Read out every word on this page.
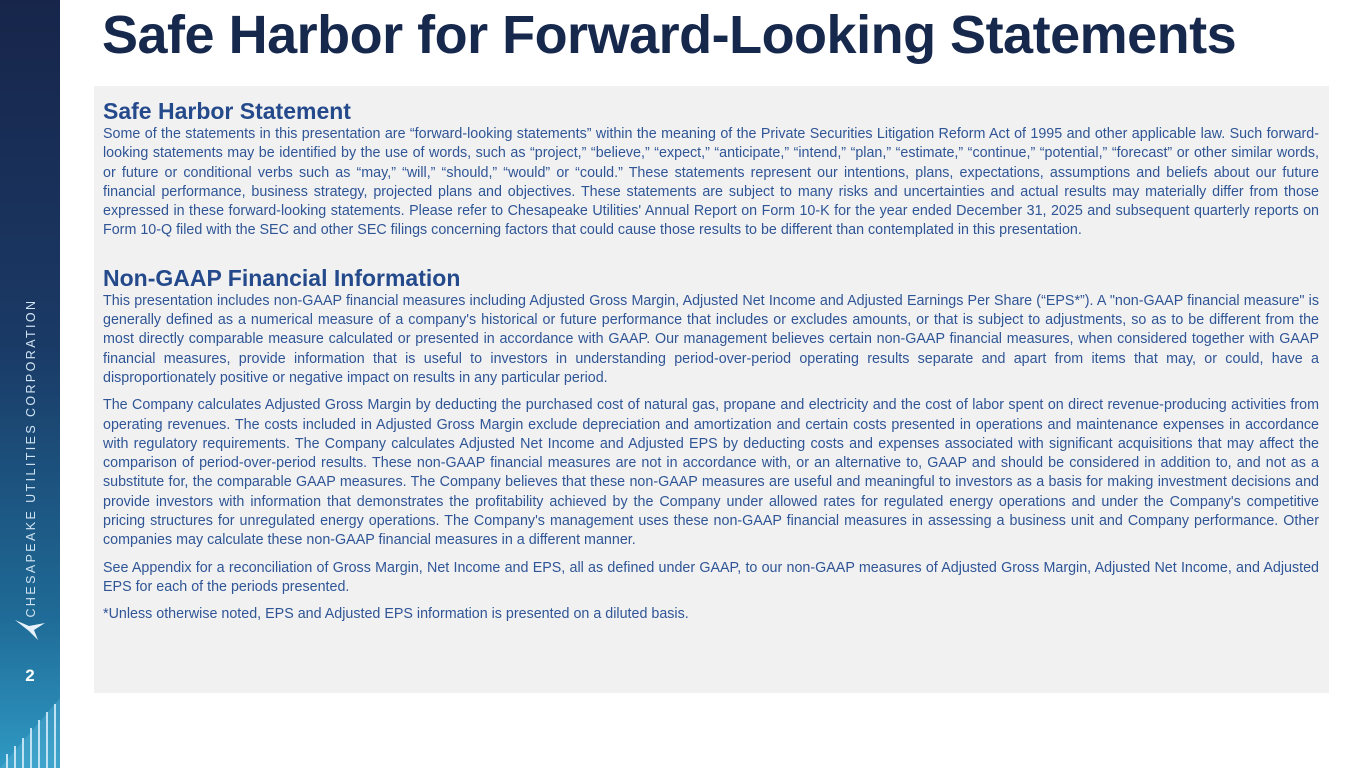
CHESAPEAKE UTILITIES CORPORATION
2
Safe Harbor for Forward-Looking Statements
Safe Harbor Statement

Some of the statements in this presentation are “forward-looking statements” within the meaning of the Private Securities Litigation Reform Act of 1995 and other applicable law. Such forward-looking statements may be identified by the use of words, such as “project,” “believe,” “expect,” “anticipate,” “intend,” “plan,” “estimate,” “continue,” “potential,” “forecast” or other similar words, or future or conditional verbs such as “may,” “will,” “should,” “would” or “could.” These statements represent our intentions, plans, expectations, assumptions and beliefs about our future financial performance, business strategy, projected plans and objectives. These statements are subject to many risks and uncertainties and actual results may materially differ from those expressed in these forward-looking statements. Please refer to Chesapeake Utilities' Annual Report on Form 10-K for the year ended December 31, 2025 and subsequent quarterly reports on Form 10-Q filed with the SEC and other SEC filings concerning factors that could cause those results to be different than contemplated in this presentation.

Non-GAAP Financial Information

This presentation includes non-GAAP financial measures including Adjusted Gross Margin, Adjusted Net Income and Adjusted Earnings Per Share (“EPS*”). A "non-GAAP financial measure" is generally defined as a numerical measure of a company's historical or future performance that includes or excludes amounts, or that is subject to adjustments, so as to be different from the most directly comparable measure calculated or presented in accordance with GAAP. Our management believes certain non-GAAP financial measures, when considered together with GAAP financial measures, provide information that is useful to investors in understanding period-over-period operating results separate and apart from items that may, or could, have a disproportionately positive or negative impact on results in any particular period.

The Company calculates Adjusted Gross Margin by deducting the purchased cost of natural gas, propane and electricity and the cost of labor spent on direct revenue-producing activities from operating revenues. The costs included in Adjusted Gross Margin exclude depreciation and amortization and certain costs presented in operations and maintenance expenses in accordance with regulatory requirements. The Company calculates Adjusted Net Income and Adjusted EPS by deducting costs and expenses associated with significant acquisitions that may affect the comparison of period-over-period results. These non-GAAP financial measures are not in accordance with, or an alternative to, GAAP and should be considered in addition to, and not as a substitute for, the comparable GAAP measures. The Company believes that these non-GAAP measures are useful and meaningful to investors as a basis for making investment decisions and provide investors with information that demonstrates the profitability achieved by the Company under allowed rates for regulated energy operations and under the Company's competitive pricing structures for unregulated energy operations. The Company's management uses these non-GAAP financial measures in assessing a business unit and Company performance. Other companies may calculate these non-GAAP financial measures in a different manner.

See Appendix for a reconciliation of Gross Margin, Net Income and EPS, all as defined under GAAP, to our non-GAAP measures of Adjusted Gross Margin, Adjusted Net Income, and Adjusted EPS for each of the periods presented.

*Unless otherwise noted, EPS and Adjusted EPS information is presented on a diluted basis.
